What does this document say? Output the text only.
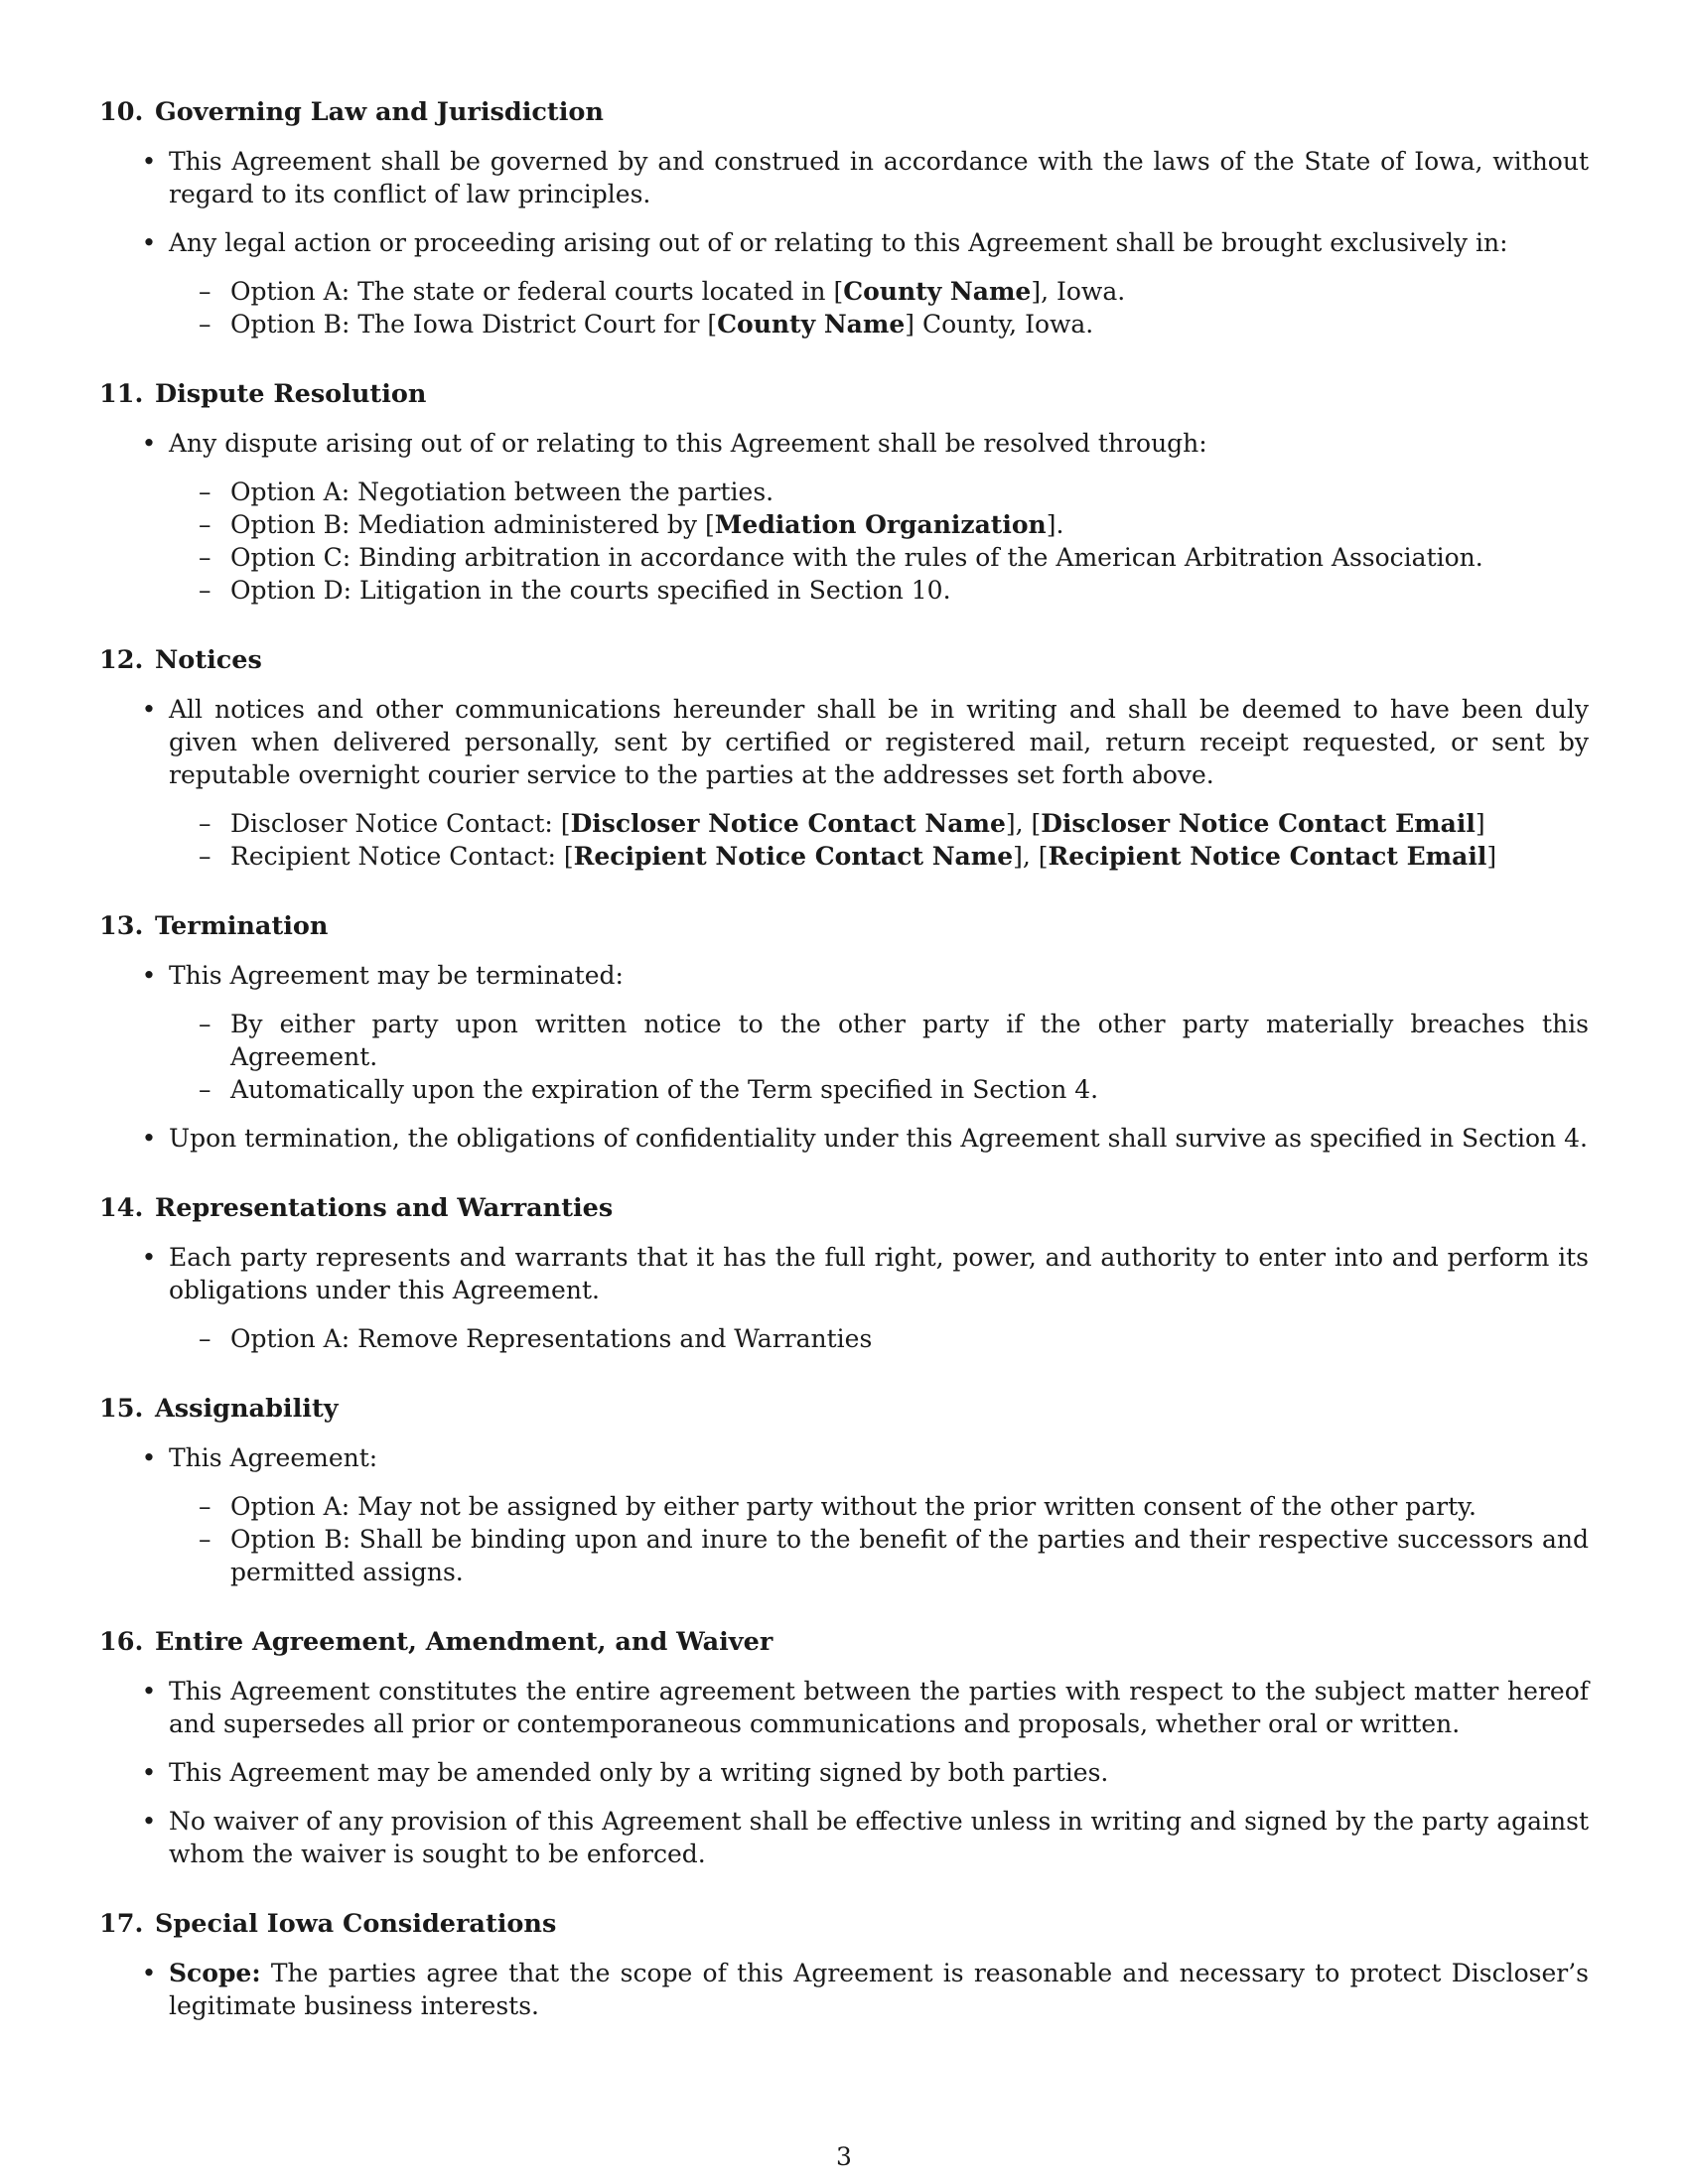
10. Governing Law and Jurisdiction
• This Agreement shall be governed by and construed in accordance with the laws of the State of Iowa, without regard to its conflict of law principles.
• Any legal action or proceeding arising out of or relating to this Agreement shall be brought exclusively in:
– Option A: The state or federal courts located in [County Name], Iowa.
– Option B: The Iowa District Court for [County Name] County, Iowa.
11. Dispute Resolution
• Any dispute arising out of or relating to this Agreement shall be resolved through:
– Option A: Negotiation between the parties.
– Option B: Mediation administered by [Mediation Organization].
– Option C: Binding arbitration in accordance with the rules of the American Arbitration Association.
– Option D: Litigation in the courts specified in Section 10.
12. Notices
• All notices and other communications hereunder shall be in writing and shall be deemed to have been duly given when delivered personally, sent by certified or registered mail, return receipt requested, or sent by reputable overnight courier service to the parties at the addresses set forth above.
– Discloser Notice Contact: [Discloser Notice Contact Name], [Discloser Notice Contact Email]
– Recipient Notice Contact: [Recipient Notice Contact Name], [Recipient Notice Contact Email]
13. Termination
• This Agreement may be terminated:
– By either party upon written notice to the other party if the other party materially breaches this Agreement.
– Automatically upon the expiration of the Term specified in Section 4.
• Upon termination, the obligations of confidentiality under this Agreement shall survive as specified in Section 4.
14. Representations and Warranties
• Each party represents and warrants that it has the full right, power, and authority to enter into and perform its obligations under this Agreement.
– Option A: Remove Representations and Warranties
15. Assignability
• This Agreement:
– Option A: May not be assigned by either party without the prior written consent of the other party.
– Option B: Shall be binding upon and inure to the benefit of the parties and their respective successors and permitted assigns.
16. Entire Agreement, Amendment, and Waiver
• This Agreement constitutes the entire agreement between the parties with respect to the subject matter hereof and supersedes all prior or contemporaneous communications and proposals, whether oral or written.
• This Agreement may be amended only by a writing signed by both parties.
• No waiver of any provision of this Agreement shall be effective unless in writing and signed by the party against whom the waiver is sought to be enforced.
17. Special Iowa Considerations
• Scope: The parties agree that the scope of this Agreement is reasonable and necessary to protect Discloser’s legitimate business interests.
3
